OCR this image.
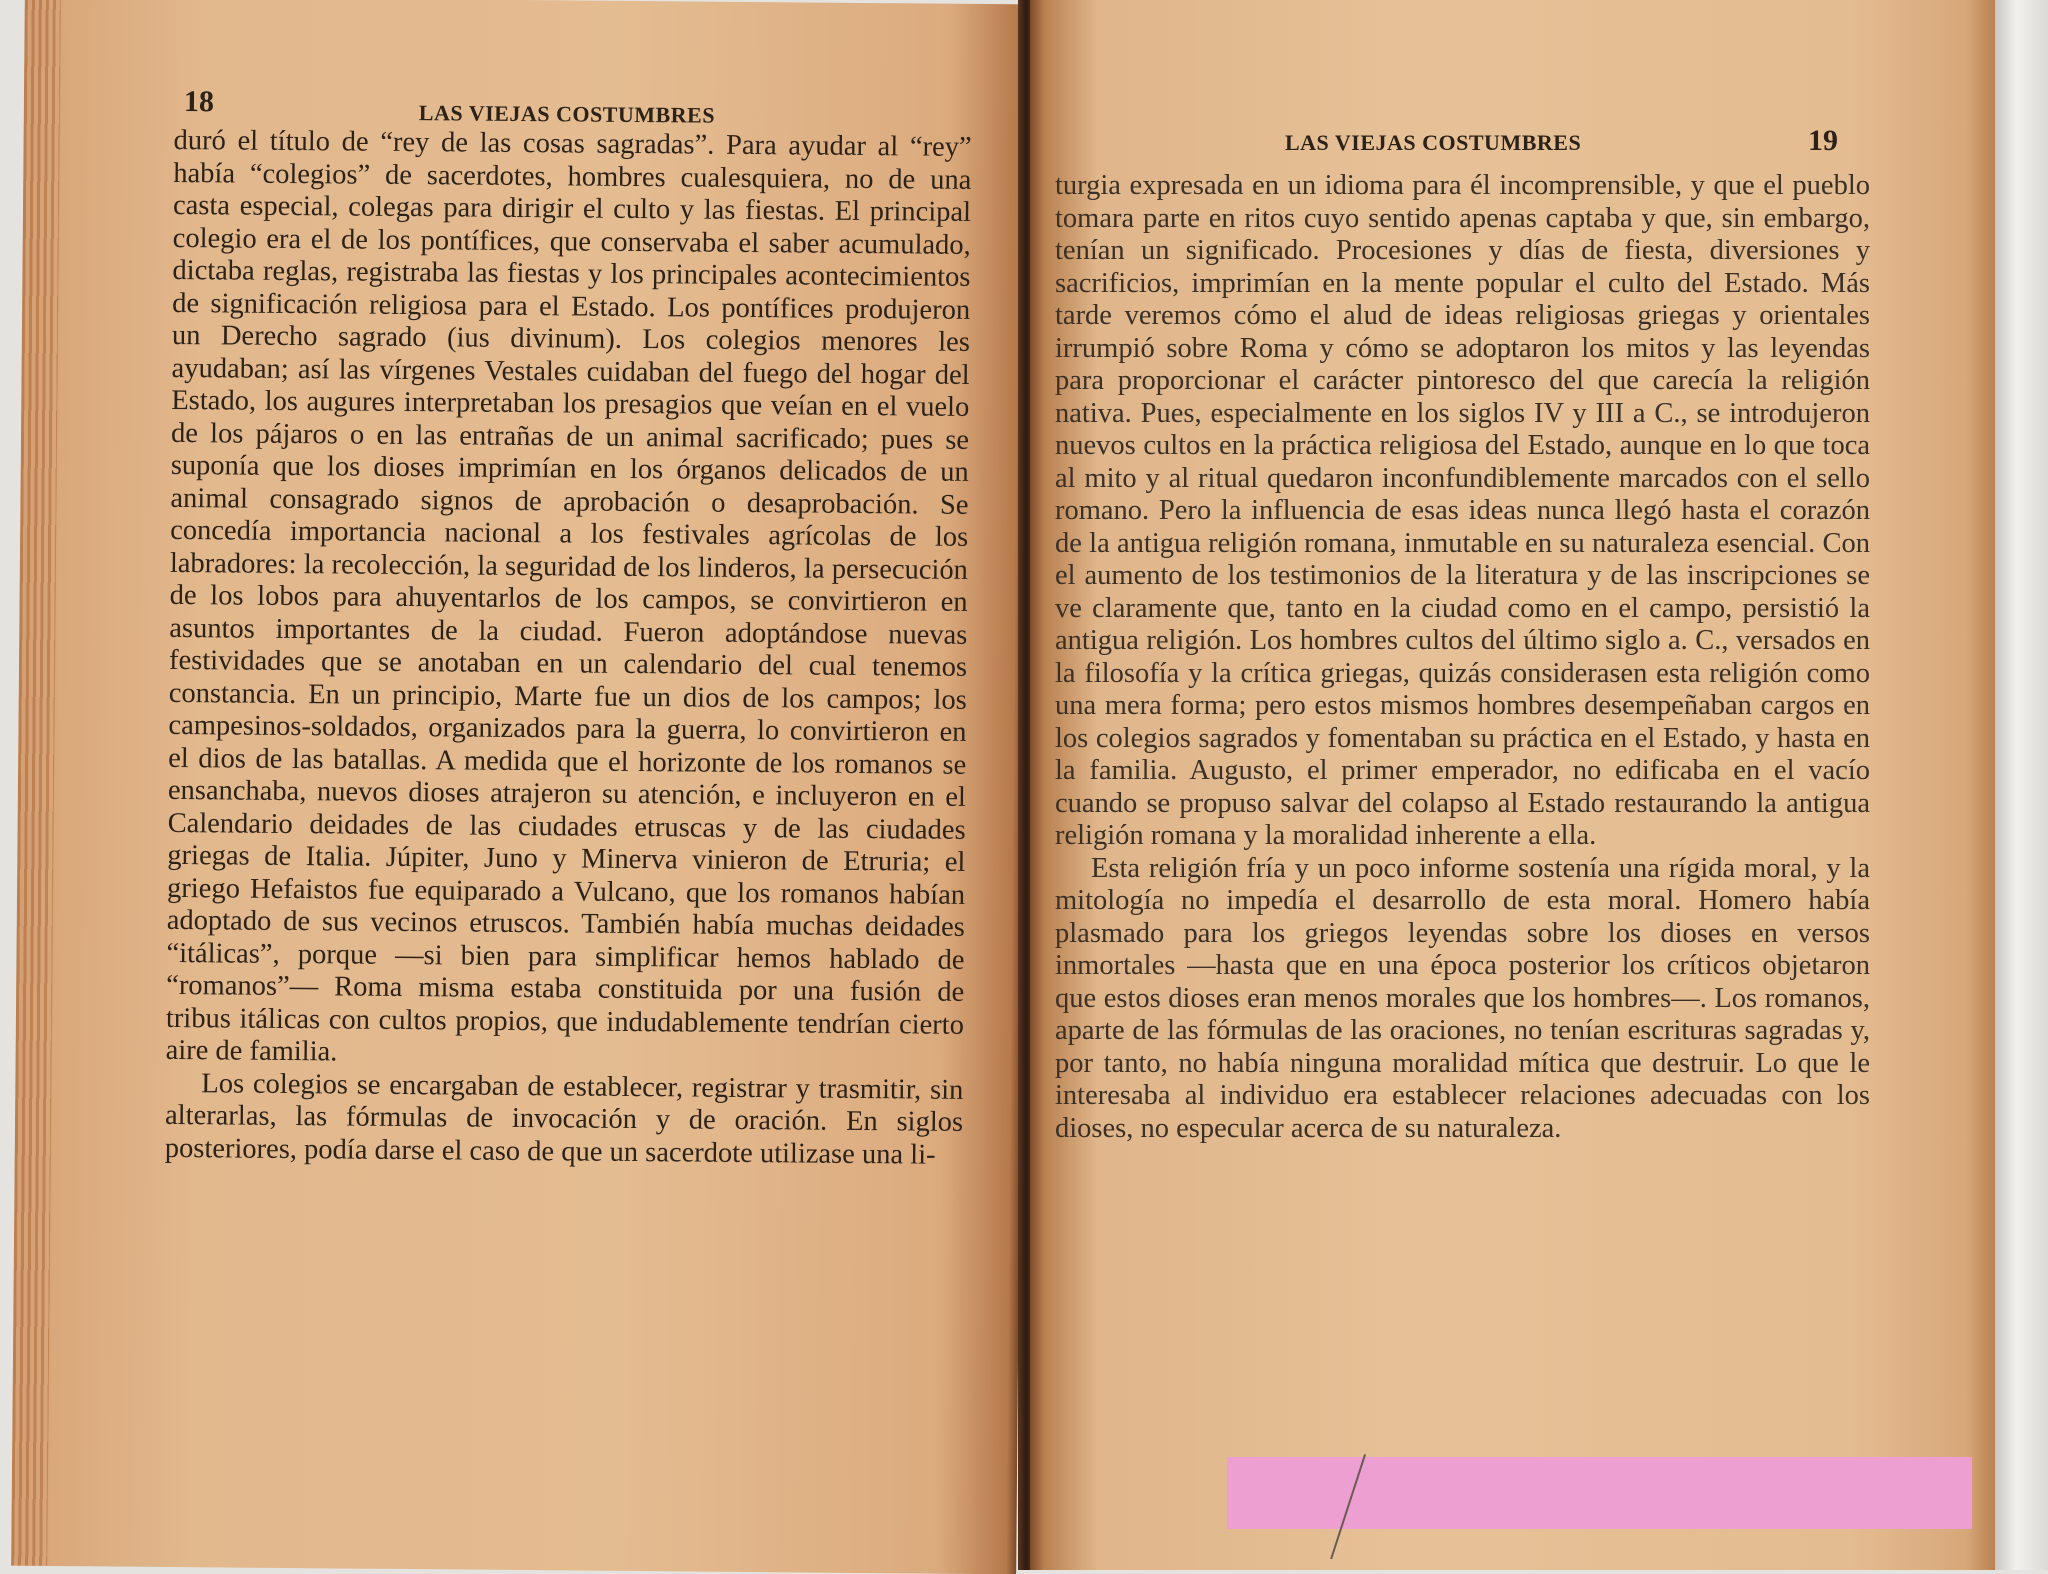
18	LAS VIEJAS COSTUMBRES

duró el título de “rey de las cosas sagradas”. Para ayudar al “rey” había “colegios” de sacerdotes, hombres cualesquiera, no de una casta especial, colegas para dirigir el culto y las fiestas. El principal colegio era el de los pontífices, que conservaba el saber acumulado, dictaba reglas, registraba las fiestas y los principales acontecimientos de significación religiosa para el Estado. Los pontífices produjeron un Derecho sagrado (ius divinum). Los colegios menores les ayudaban; así las vírgenes Vestales cuidaban del fuego del hogar del Estado, los augures interpretaban los presagios que veían en el vuelo de los pájaros o en las entrañas de un animal sacrificado; pues se suponía que los dioses imprimían en los órganos delicados de un animal consagrado signos de aprobación o desaprobación. Se concedía importancia nacional a los festivales agrícolas de los labradores: la recolección, la seguridad de los linderos, la persecución de los lobos para ahuyentarlos de los campos, se convirtieron en asuntos importantes de la ciudad. Fueron adoptándose nuevas festividades que se anotaban en un calendario del cual tenemos constancia. En un principio, Marte fue un dios de los campos; los campesinos-soldados, organizados para la guerra, lo convirtieron en el dios de las batallas. A medida que el horizonte de los romanos se ensanchaba, nuevos dioses atrajeron su atención, e incluyeron en el Calendario deidades de las ciudades etruscas y de las ciudades griegas de Italia. Júpiter, Juno y Minerva vinieron de Etruria; el griego Hefaistos fue equiparado a Vulcano, que los romanos habían adoptado de sus vecinos etruscos. También había muchas deidades “itálicas”, porque —si bien para simplificar hemos hablado de “romanos”— Roma misma estaba constituida por una fusión de tribus itálicas con cultos propios, que indudablemente tendrían cierto aire de familia.

Los colegios se encargaban de establecer, registrar y trasmitir, sin alterarlas, las fórmulas de invocación y de oración. En siglos posteriores, podía darse el caso de que un sacerdote utilizase una li-

LAS VIEJAS COSTUMBRES	19

turgia expresada en un idioma para él incomprensible, y que el pueblo tomara parte en ritos cuyo sentido apenas captaba y que, sin embargo, tenían un significado. Procesiones y días de fiesta, diversiones y sacrificios, imprimían en la mente popular el culto del Estado. Más tarde veremos cómo el alud de ideas religiosas griegas y orientales irrumpió sobre Roma y cómo se adoptaron los mitos y las leyendas para proporcionar el carácter pintoresco del que carecía la religión nativa. Pues, especialmente en los siglos IV y III a C., se introdujeron nuevos cultos en la práctica religiosa del Estado, aunque en lo que toca al mito y al ritual quedaron inconfundiblemente marcados con el sello romano. Pero la influencia de esas ideas nunca llegó hasta el corazón de la antigua religión romana, inmutable en su naturaleza esencial. Con el aumento de los testimonios de la literatura y de las inscripciones se ve claramente que, tanto en la ciudad como en el campo, persistió la antigua religión. Los hombres cultos del último siglo a. C., versados en la filosofía y la crítica griegas, quizás considerasen esta religión como una mera forma; pero estos mismos hombres desempeñaban cargos en los colegios sagrados y fomentaban su práctica en el Estado, y hasta en la familia. Augusto, el primer emperador, no edificaba en el vacío cuando se propuso salvar del colapso al Estado restaurando la antigua religión romana y la moralidad inherente a ella.

Esta religión fría y un poco informe sostenía una rígida moral, y la mitología no impedía el desarrollo de esta moral. Homero había plasmado para los griegos leyendas sobre los dioses en versos inmortales —hasta que en una época posterior los críticos objetaron que estos dioses eran menos morales que los hombres—. Los romanos, aparte de las fórmulas de las oraciones, no tenían escrituras sagradas y, por tanto, no había ninguna moralidad mítica que destruir. Lo que le interesaba al individuo era establecer relaciones adecuadas con los dioses, no especular acerca de su naturaleza.
